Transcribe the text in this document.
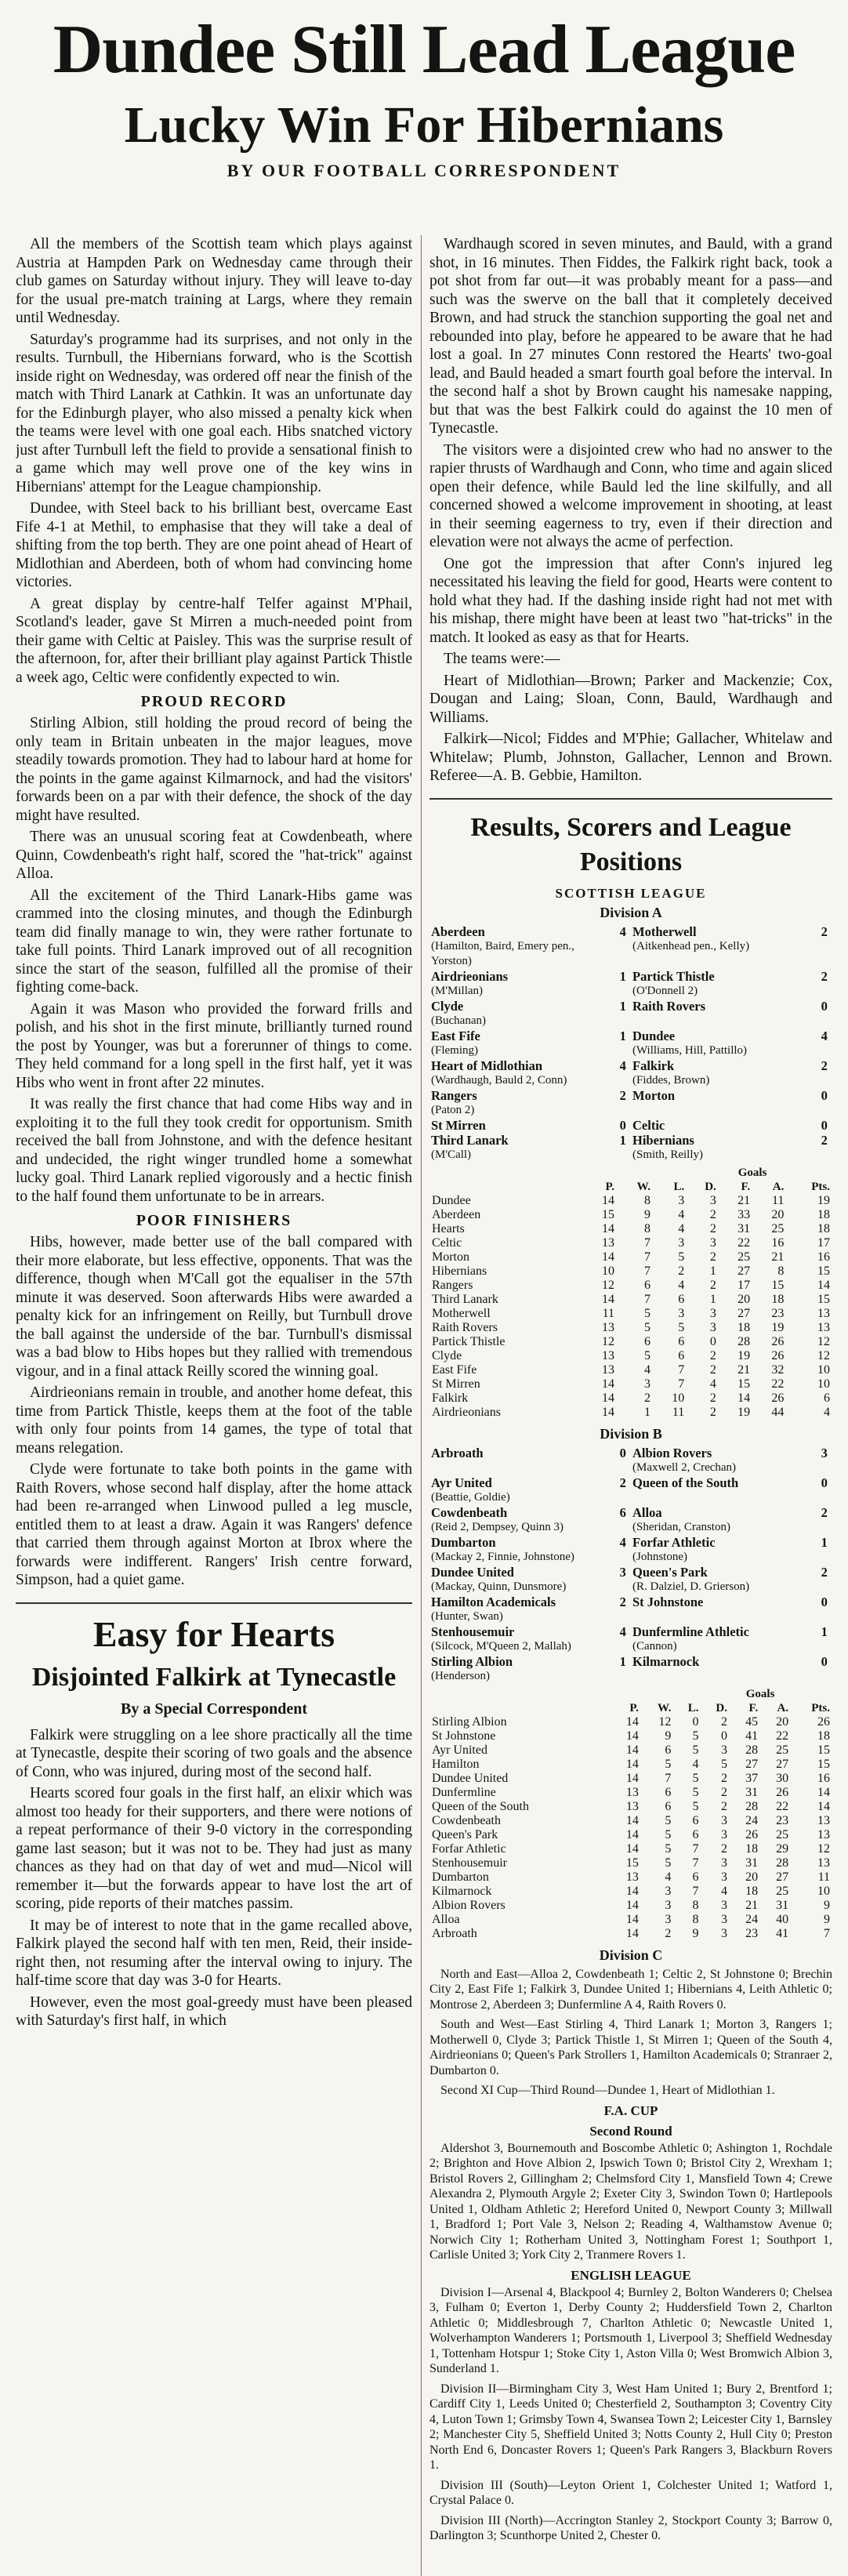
Dundee Still Lead League
Lucky Win For Hibernians
BY OUR FOOTBALL CORRESPONDENT

All the members of the Scottish team which plays against Austria at Hampden Park on Wednesday came through their club games on Saturday without injury. They will leave to-day for the usual pre-match training at Largs, where they remain until Wednesday.

Saturday's programme had its surprises, and not only in the results. Turnbull, the Hibernians forward, who is the Scottish inside right on Wednesday, was ordered off near the finish of the match with Third Lanark at Cathkin. It was an unfortunate day for the Edinburgh player, who also missed a penalty kick when the teams were level with one goal each. Hibs snatched victory just after Turnbull left the field to provide a sensational finish to a game which may well prove one of the key wins in Hibernians' attempt for the League championship.

Dundee, with Steel back to his brilliant best, overcame East Fife 4-1 at Methil, to emphasise that they will take a deal of shifting from the top berth. They are one point ahead of Heart of Midlothian and Aberdeen, both of whom had convincing home victories.

A great display by centre-half Telfer against M'Phail, Scotland's leader, gave St Mirren a much-needed point from their game with Celtic at Paisley. This was the surprise result of the afternoon, for, after their brilliant play against Partick Thistle a week ago, Celtic were confidently expected to win.

PROUD RECORD

Stirling Albion, still holding the proud record of being the only team in Britain unbeaten in the major leagues, move steadily towards promotion. They had to labour hard at home for the points in the game against Kilmarnock, and had the visitors' forwards been on a par with their defence, the shock of the day might have resulted.

There was an unusual scoring feat at Cowdenbeath, where Quinn, Cowdenbeath's right half, scored the "hat-trick" against Alloa.

All the excitement of the Third Lanark-Hibs game was crammed into the closing minutes, and though the Edinburgh team did finally manage to win, they were rather fortunate to take full points. Third Lanark improved out of all recognition since the start of the season, fulfilled all the promise of their fighting come-back.

Again it was Mason who provided the forward frills and polish, and his shot in the first minute, brilliantly turned round the post by Younger, was but a forerunner of things to come. They held command for a long spell in the first half, yet it was Hibs who went in front after 22 minutes.

It was really the first chance that had come Hibs way and in exploiting it to the full they took credit for opportunism. Smith received the ball from Johnstone, and with the defence hesitant and undecided, the right winger trundled home a somewhat lucky goal. Third Lanark replied vigorously and a hectic finish to the half found them unfortunate to be in arrears.

POOR FINISHERS

Hibs, however, made better use of the ball compared with their more elaborate, but less effective, opponents. That was the difference, though when M'Call got the equaliser in the 57th minute it was deserved. Soon afterwards Hibs were awarded a penalty kick for an infringement on Reilly, but Turnbull drove the ball against the underside of the bar. Turnbull's dismissal was a bad blow to Hibs hopes but they rallied with tremendous vigour, and in a final attack Reilly scored the winning goal.

Airdrieonians remain in trouble, and another home defeat, this time from Partick Thistle, keeps them at the foot of the table with only four points from 14 games, the type of total that means relegation.

Clyde were fortunate to take both points in the game with Raith Rovers, whose second half display, after the home attack had been re-arranged when Linwood pulled a leg muscle, entitled them to at least a draw. Again it was Rangers' defence that carried them through against Morton at Ibrox where the forwards were indifferent. Rangers' Irish centre forward, Simpson, had a quiet game.

Easy for Hearts
Disjointed Falkirk at Tynecastle
By a Special Correspondent

Falkirk were struggling on a lee shore practically all the time at Tynecastle, despite their scoring of two goals and the absence of Conn, who was injured, during most of the second half.

Hearts scored four goals in the first half, an elixir which was almost too heady for their supporters, and there were notions of a repeat performance of their 9-0 victory in the corresponding game last season; but it was not to be. They had just as many chances as they had on that day of wet and mud—Nicol will remember it—but the forwards appear to have lost the art of scoring, pide reports of their matches passim.

It may be of interest to note that in the game recalled above, Falkirk played the second half with ten men, Reid, their inside-right then, not resuming after the interval owing to injury. The half-time score that day was 3-0 for Hearts.

However, even the most goal-greedy must have been pleased with Saturday's first half, in which

Wardhaugh scored in seven minutes, and Bauld, with a grand shot, in 16 minutes. Then Fiddes, the Falkirk right back, took a pot shot from far out—it was probably meant for a pass—and such was the swerve on the ball that it completely deceived Brown, and had struck the stanchion supporting the goal net and rebounded into play, before he appeared to be aware that he had lost a goal. In 27 minutes Conn restored the Hearts' two-goal lead, and Bauld headed a smart fourth goal before the interval. In the second half a shot by Brown caught his namesake napping, but that was the best Falkirk could do against the 10 men of Tynecastle.

The visitors were a disjointed crew who had no answer to the rapier thrusts of Wardhaugh and Conn, who time and again sliced open their defence, while Bauld led the line skilfully, and all concerned showed a welcome improvement in shooting, at least in their seeming eagerness to try, even if their direction and elevation were not always the acme of perfection.

One got the impression that after Conn's injured leg necessitated his leaving the field for good, Hearts were content to hold what they had. If the dashing inside right had not met with his mishap, there might have been at least two "hat-tricks" in the match. It looked as easy as that for Hearts.

The teams were:—

Heart of Midlothian—Brown; Parker and Mackenzie; Cox, Dougan and Laing; Sloan, Conn, Bauld, Wardhaugh and Williams.

Falkirk—Nicol; Fiddes and M'Phie; Gallacher, Whitelaw and Whitelaw; Plumb, Johnston, Gallacher, Lennon and Brown. Referee—A. B. Gebbie, Hamilton.

Results, Scorers and League Positions
SCOTTISH LEAGUE
Division A
Aberdeen
(Hamilton, Baird, Emery pen., Yorston)	4	Motherwell
(Aitkenhead pen., Kelly)	2

Airdrieonians
(M'Millan)	1	Partick Thistle
(O'Donnell 2)	2

Clyde
(Buchanan)	1	Raith Rovers	0

East Fife
(Fleming)	1	Dundee
(Williams, Hill, Pattillo)	4

Heart of Midlothian
(Wardhaugh, Bauld 2, Conn)	4	Falkirk
(Fiddes, Brown)	2

Rangers
(Paton 2)	2	Morton	0

St Mirren	0	Celtic	0

Third Lanark
(M'Call)	1	Hibernians
(Smith, Reilly)	2
					Goals		
	P.	W.	L.	D.	F.	A.	Pts.
Dundee	14	8	3	3	21	11	19
Aberdeen	15	9	4	2	33	20	18
Hearts	14	8	4	2	31	25	18
Celtic	13	7	3	3	22	16	17
Morton	14	7	5	2	25	21	16
Hibernians	10	7	2	1	27	8	15
Rangers	12	6	4	2	17	15	14
Third Lanark	14	7	6	1	20	18	15
Motherwell	11	5	3	3	27	23	13
Raith Rovers	13	5	5	3	18	19	13
Partick Thistle	12	6	6	0	28	26	12
Clyde	13	5	6	2	19	26	12
East Fife	13	4	7	2	21	32	10
St Mirren	14	3	7	4	15	22	10
Falkirk	14	2	10	2	14	26	6
Airdrieonians	14	1	11	2	19	44	4
Division B
Arbroath	0	Albion Rovers
(Maxwell 2, Crechan)	3

Ayr United
(Beattie, Goldie)	2	Queen of the South	0

Cowdenbeath
(Reid 2, Dempsey, Quinn 3)	6	Alloa
(Sheridan, Cranston)	2

Dumbarton
(Mackay 2, Finnie, Johnstone)	4	Forfar Athletic
(Johnstone)	1

Dundee United
(Mackay, Quinn, Dunsmore)	3	Queen's Park
(R. Dalziel, D. Grierson)	2

Hamilton Academicals
(Hunter, Swan)	2	St Johnstone	0

Stenhousemuir
(Silcock, M'Queen 2, Mallah)	4	Dunfermline Athletic
(Cannon)	1

Stirling Albion
(Henderson)	1	Kilmarnock	0
					Goals		
	P.	W.	L.	D.	F.	A.	Pts.
Stirling Albion	14	12	0	2	45	20	26
St Johnstone	14	9	5	0	41	22	18
Ayr United	14	6	5	3	28	25	15
Hamilton	14	5	4	5	27	27	15
Dundee United	14	7	5	2	37	30	16
Dunfermline	13	6	5	2	31	26	14
Queen of the South	13	6	5	2	28	22	14
Cowdenbeath	14	5	6	3	24	23	13
Queen's Park	14	5	6	3	26	25	13
Forfar Athletic	14	5	7	2	18	29	12
Stenhousemuir	15	5	7	3	31	28	13
Dumbarton	13	4	6	3	20	27	11
Kilmarnock	14	3	7	4	18	25	10
Albion Rovers	14	3	8	3	21	31	9
Alloa	14	3	8	3	24	40	9
Arbroath	14	2	9	3	23	41	7
Division C

North and East—Alloa 2, Cowdenbeath 1; Celtic 2, St Johnstone 0; Brechin City 2, East Fife 1; Falkirk 3, Dundee United 1; Hibernians 4, Leith Athletic 0; Montrose 2, Aberdeen 3; Dunfermline A 4, Raith Rovers 0.

South and West—East Stirling 4, Third Lanark 1; Morton 3, Rangers 1; Motherwell 0, Clyde 3; Partick Thistle 1, St Mirren 1; Queen of the South 4, Airdrieonians 0; Queen's Park Strollers 1, Hamilton Academicals 0; Stranraer 2, Dumbarton 0.

Second XI Cup—Third Round—Dundee 1, Heart of Midlothian 1.

F.A. CUP
Second Round

Aldershot 3, Bournemouth and Boscombe Athletic 0; Ashington 1, Rochdale 2; Brighton and Hove Albion 2, Ipswich Town 0; Bristol City 2, Wrexham 1; Bristol Rovers 2, Gillingham 2; Chelmsford City 1, Mansfield Town 4; Crewe Alexandra 2, Plymouth Argyle 2; Exeter City 3, Swindon Town 0; Hartlepools United 1, Oldham Athletic 2; Hereford United 0, Newport County 3; Millwall 1, Bradford 1; Port Vale 3, Nelson 2; Reading 4, Walthamstow Avenue 0; Norwich City 1; Rotherham United 3, Nottingham Forest 1; Southport 1, Carlisle United 3; York City 2, Tranmere Rovers 1.

ENGLISH LEAGUE

Division I—Arsenal 4, Blackpool 4; Burnley 2, Bolton Wanderers 0; Chelsea 3, Fulham 0; Everton 1, Derby County 2; Huddersfield Town 2, Charlton Athletic 0; Middlesbrough 7, Charlton Athletic 0; Newcastle United 1, Wolverhampton Wanderers 1; Portsmouth 1, Liverpool 3; Sheffield Wednesday 1, Tottenham Hotspur 1; Stoke City 1, Aston Villa 0; West Bromwich Albion 3, Sunderland 1.

Division II—Birmingham City 3, West Ham United 1; Bury 2, Brentford 1; Cardiff City 1, Leeds United 0; Chesterfield 2, Southampton 3; Coventry City 4, Luton Town 1; Grimsby Town 4, Swansea Town 2; Leicester City 1, Barnsley 2; Manchester City 5, Sheffield United 3; Notts County 2, Hull City 0; Preston North End 6, Doncaster Rovers 1; Queen's Park Rangers 3, Blackburn Rovers 1.

Division III (South)—Leyton Orient 1, Colchester United 1; Watford 1, Crystal Palace 0.

Division III (North)—Accrington Stanley 2, Stockport County 3; Barrow 0, Darlington 3; Scunthorpe United 2, Chester 0.
